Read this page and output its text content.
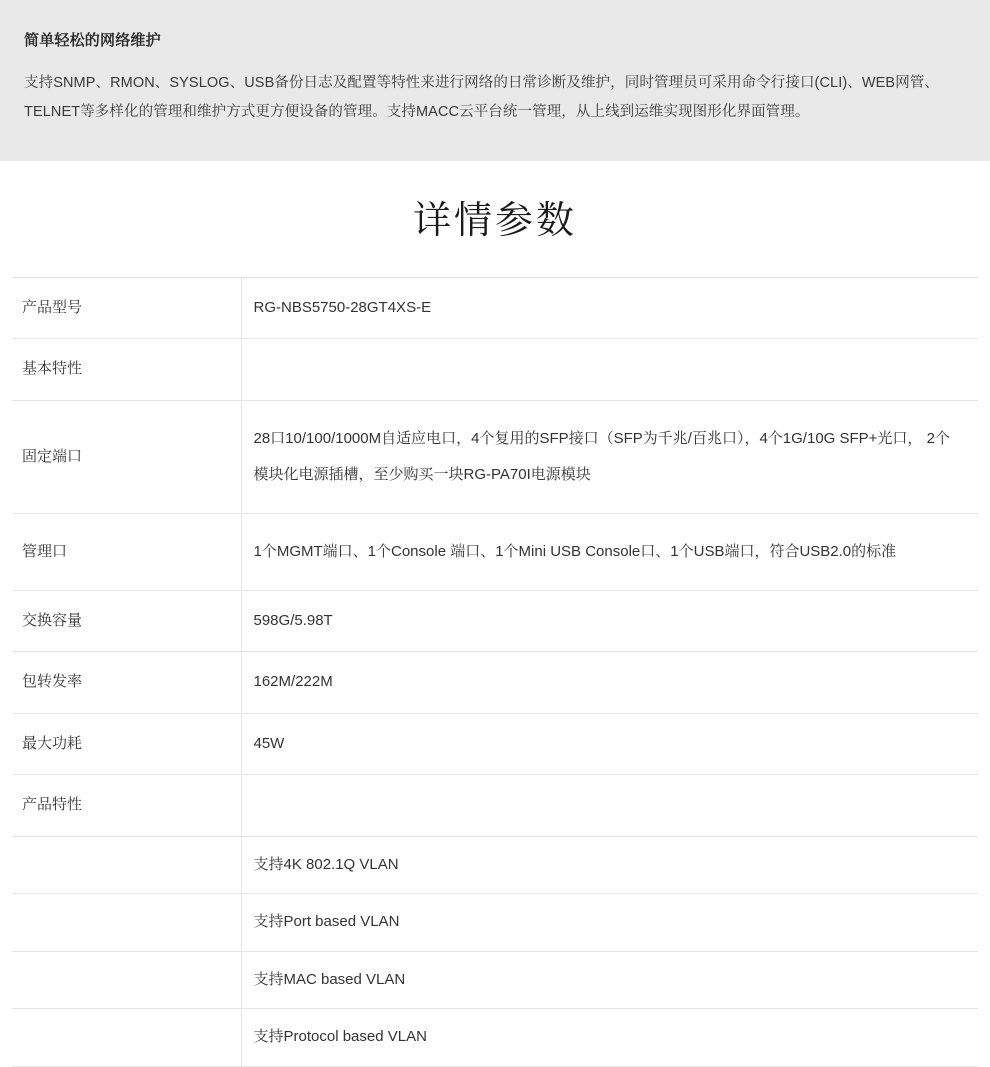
简单轻松的网络维护

支持SNMP、RMON、SYSLOG、USB备份日志及配置等特性来进行网络的日常诊断及维护，同时管理员可采用命令行接口(CLI)、WEB网管、TELNET等多样化的管理和维护方式更方便设备的管理。支持MACC云平台统一管理，从上线到运维实现图形化界面管理。

详情参数
产品型号	RG-NBS5750-28GT4XS-E
基本特性	
固定端口	28口10/100/1000M自适应电口，4个复用的SFP接口（SFP为千兆/百兆口），4个1G/10G SFP+光口， 2个模块化电源插槽，至少购买一块RG-PA70I电源模块
管理口	1个MGMT端口、1个Console 端口、1个Mini USB Console口、1个USB端口，符合USB2.0的标准
交换容量	598G/5.98T
包转发率	162M/222M
最大功耗	45W
产品特性	
	支持4K 802.1Q VLAN
	支持Port based VLAN
	支持MAC based VLAN
	支持Protocol based VLAN
